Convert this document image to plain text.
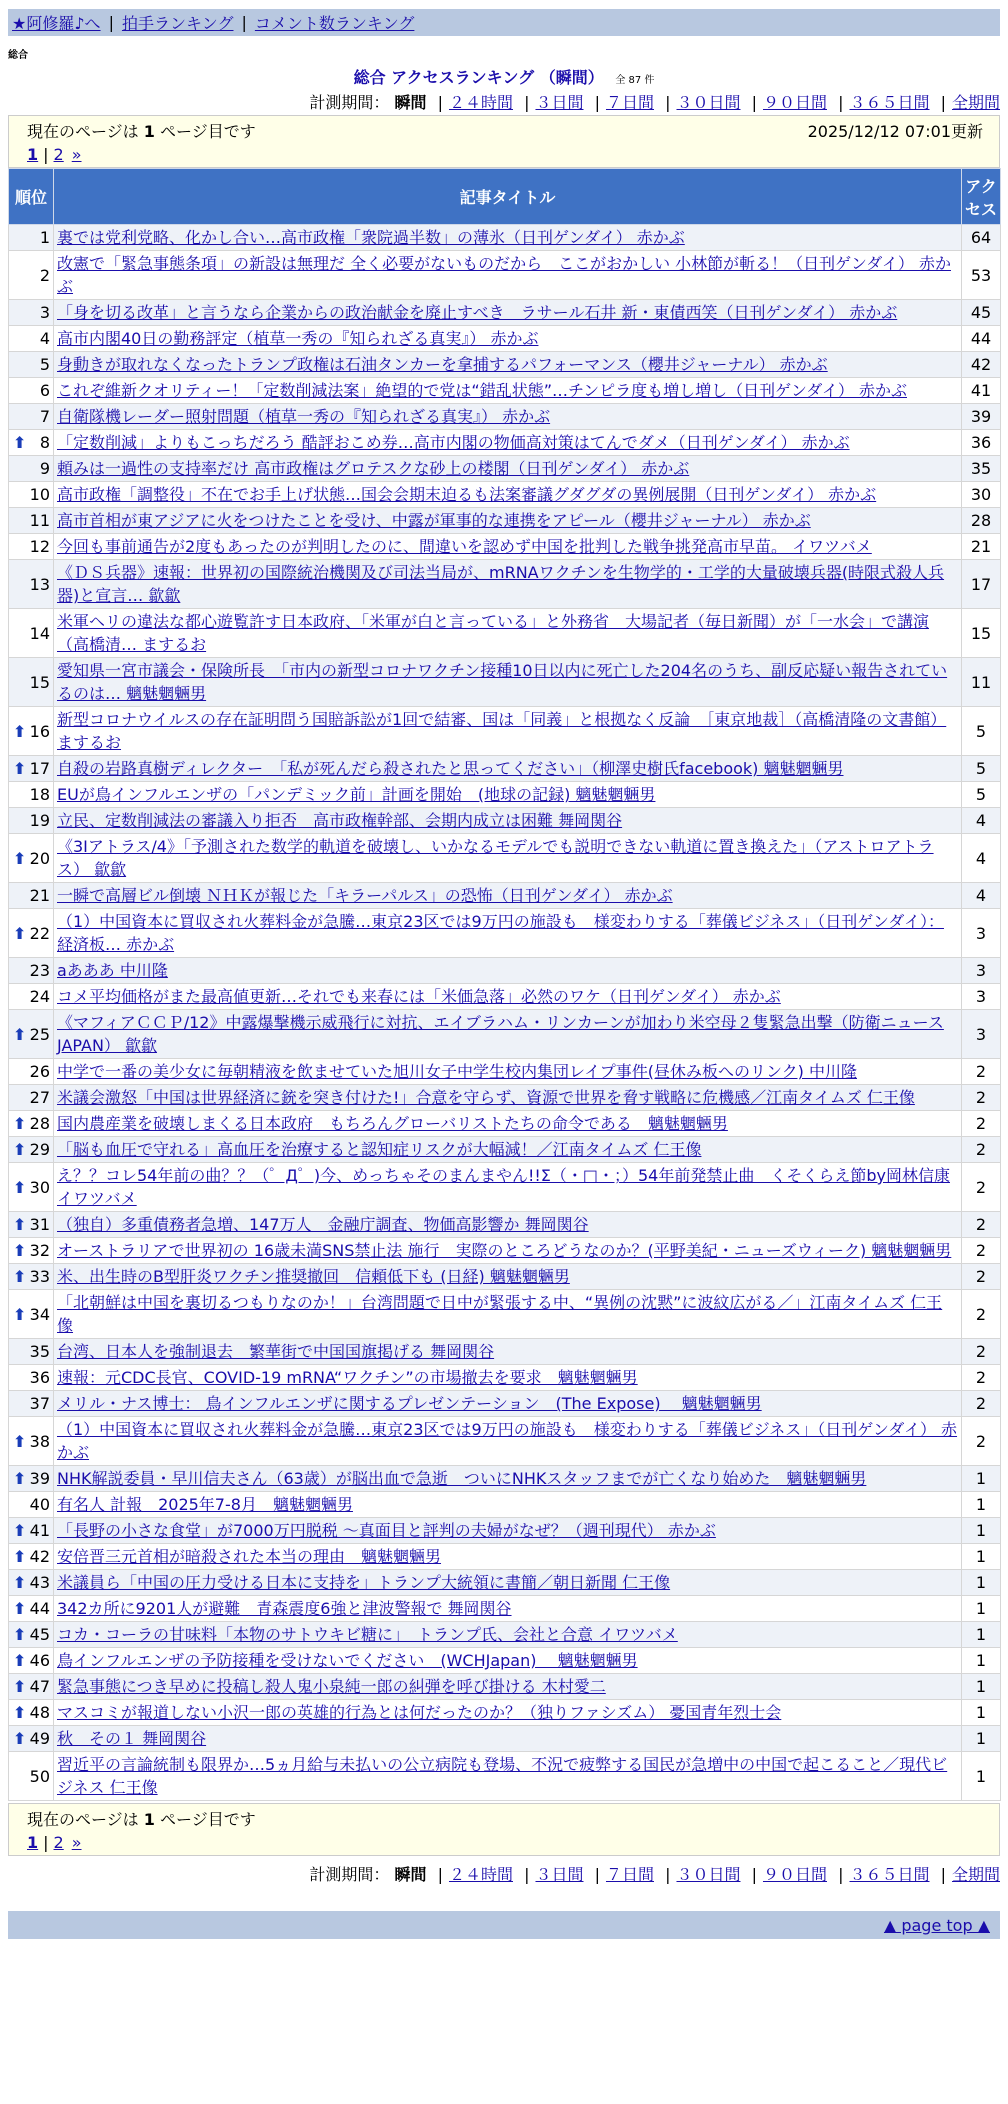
★阿修羅♪へ | 拍手ランキング | コメント数ランキング
総合
総合 アクセスランキング （瞬間） 全 87 件
計測期間： 瞬間 | ２４時間 | ３日間 | ７日間 | ３０日間 | ９０日間 | ３６５日間 | 全期間
現在のページは 1 ページ目です	2025/12/12 07:01更新
1 | 2 »
順位	記事タイトル	アクセス
1	裏では党利党略、化かし合い…高市政権「衆院過半数」の薄氷（日刊ゲンダイ） 赤かぶ	64
2	改憲で「緊急事態条項」の新設は無理だ 全く必要がないものだから　ここがおかしい 小林節が斬る！（日刊ゲンダイ） 赤かぶ	53
3	「身を切る改革」と言うなら企業からの政治献金を廃止すべき　ラサール石井 新・東債西笑（日刊ゲンダイ） 赤かぶ	45
4	高市内閣40日の勤務評定（植草一秀の『知られざる真実』） 赤かぶ	44
5	身動きが取れなくなったトランプ政権は石油タンカーを拿捕するパフォーマンス（櫻井ジャーナル） 赤かぶ	42
6	これぞ維新クオリティー！「定数削減法案」絶望的で党は“錯乱状態”…チンピラ度も増し増し（日刊ゲンダイ） 赤かぶ	41
7	自衛隊機レーダー照射問題（植草一秀の『知られざる真実』） 赤かぶ	39

⬆ 8	「定数削減」よりもこっちだろう 酷評おこめ券…高市内閣の物価高対策はてんでダメ（日刊ゲンダイ） 赤かぶ	36
9	頼みは一過性の支持率だけ 高市政権はグロテスクな砂上の楼閣（日刊ゲンダイ） 赤かぶ	35
10	高市政権「調整役」不在でお手上げ状態…国会会期末迫るも法案審議グダグダの異例展開（日刊ゲンダイ） 赤かぶ	30
11	高市首相が東アジアに火をつけたことを受け、中露が軍事的な連携をアピール（櫻井ジャーナル） 赤かぶ	28
12	今回も事前通告が2度もあったのが判明したのに、間違いを認めず中国を批判した戦争挑発高市早苗。 イワツバメ	21
13	《ＤＳ兵器》速報：世界初の国際統治機関及び司法当局が、mRNAワクチンを生物学的・工学的大量破壊兵器(時限式殺人兵器)と宣言… 歙歙	17
14	米軍ヘリの違法な都心遊覧許す日本政府、「米軍が白と言っている」と外務省　大場記者（毎日新聞）が「一水会」で講演（高橋清… まするお	15
15	愛知県一宮市議会・保険所長　「市内の新型コロナワクチン接種10日以内に死亡した204名のうち、副反応疑い報告されているのは… 魑魅魍魎男	11

⬆ 16	新型コロナウイルスの存在証明問う国賠訴訟が1回で結審、国は「同義」と根拠なく反論　［東京地裁］（高橋清隆の文書館） まするお	5

⬆ 17	自殺の岩路真樹ディレクター　「私が死んだら殺されたと思ってください」（柳澤史樹氏facebook) 魑魅魍魎男	5
18	EUが鳥インフルエンザの「パンデミック前」計画を開始　(地球の記録) 魑魅魍魎男	5
19	立民、定数削減法の審議入り拒否　高市政権幹部、会期内成立は困難 舞岡関谷	4

⬆ 20	《3Iアトラス/4》「予測された数学的軌道を破壊し、いかなるモデルでも説明できない軌道に置き換えた」（アストロアトラス） 歙歙	4
21	一瞬で高層ビル倒壊 ＮＨＫが報じた「キラーパルス」の恐怖（日刊ゲンダイ） 赤かぶ	4

⬆ 22	（1）中国資本に買収され火葬料金が急騰…東京23区では9万円の施設も　様変わりする「葬儀ビジネス」（日刊ゲンダイ）：経済板… 赤かぶ	3
23	aあああ 中川隆	3
24	コメ平均価格がまた最高値更新…それでも来春には「米価急落」必然のワケ（日刊ゲンダイ） 赤かぶ	3

⬆ 25	《マフィアＣＣＰ/12》中露爆撃機示威飛行に対抗、エイブラハム・リンカーンが加わり米空母２隻緊急出撃（防衛ニュースJAPAN） 歙歙	3
26	中学で一番の美少女に毎朝精液を飲ませていた旭川女子中学生校内集団レイプ事件(昼休み板へのリンク) 中川隆	2
27	米議会激怒「中国は世界経済に銃を突き付けた!」合意を守らず、資源で世界を脅す戦略に危機感／江南タイムズ 仁王像	2

⬆ 28	国内農産業を破壊しまくる日本政府　もちろんグローバリストたちの命令である　魑魅魍魎男	2

⬆ 29	「脳も血圧で守れる」高血圧を治療すると認知症リスクが大幅減！／江南タイムズ 仁王像	2

⬆ 30	え？？コレ54年前の曲？？（゜Д゜)今、めっちゃそのまんまやん!!Σ（・□・；）54年前発禁止曲　くそくらえ節by岡林信康 イワツバメ	2

⬆ 31	（独自）多重債務者急増、147万人　金融庁調査、物価高影響か 舞岡関谷	2

⬆ 32	オーストラリアで世界初の 16歳未満SNS禁止法 施行　実際のところどうなのか？(平野美紀・ニューズウィーク) 魑魅魍魎男	2

⬆ 33	米、出生時のB型肝炎ワクチン推奨撤回　信頼低下も (日経) 魑魅魍魎男	2

⬆ 34	「北朝鮮は中国を裏切るつもりなのか！」台湾問題で日中が緊張する中、“異例の沈黙”に波紋広がる／」江南タイムズ 仁王像	2
35	台湾、日本人を強制退去　繁華街で中国国旗掲げる 舞岡関谷	2
36	速報：元CDC長官、COVID-19 mRNA“ワクチン”の市場撤去を要求　魑魅魍魎男	2
37	メリル・ナス博士： 鳥インフルエンザに関するプレゼンテーション　(The Expose)　 魑魅魍魎男	2

⬆ 38	（1）中国資本に買収され火葬料金が急騰…東京23区では9万円の施設も　様変わりする「葬儀ビジネス」（日刊ゲンダイ） 赤かぶ	2

⬆ 39	NHK解説委員・早川信夫さん（63歳）が脳出血で急逝　ついにNHKスタッフまでが亡くなり始めた　魑魅魍魎男	1
40	有名人 計報　2025年7-8月　魑魅魍魎男	1

⬆ 41	「長野の小さな食堂」が7000万円脱税 ～真面目と評判の夫婦がなぜ？（週刊現代） 赤かぶ	1

⬆ 42	安倍晋三元首相が暗殺された本当の理由　魑魅魍魎男	1

⬆ 43	米議員ら「中国の圧力受ける日本に支持を」トランプ大統領に書簡／朝日新聞 仁王像	1

⬆ 44	342カ所に9201人が避難　青森震度6強と津波警報で 舞岡関谷	1

⬆ 45	コカ・コーラの甘味料「本物のサトウキビ糖に」　トランプ氏、会社と合意 イワツバメ	1

⬆ 46	鳥インフルエンザの予防接種を受けないでください　(WCHJapan)　 魑魅魍魎男	1

⬆ 47	緊急事態につき早めに投稿し殺人鬼小泉純一郎の糾弾を呼び掛ける 木村愛二	1

⬆ 48	マスコミが報道しない小沢一郎の英雄的行為とは何だったのか？（独りファシズム） 憂国青年烈士会	1

⬆ 49	秋　その１ 舞岡関谷	1
50	習近平の言論統制も限界か…5ヵ月給与未払いの公立病院も登場、不況で疲弊する国民が急増中の中国で起こること／現代ビジネス 仁王像	1
現在のページは 1 ページ目です
1 | 2 »
計測期間： 瞬間 | ２４時間 | ３日間 | ７日間 | ３０日間 | ９０日間 | ３６５日間 | 全期間
▲ page top ▲
